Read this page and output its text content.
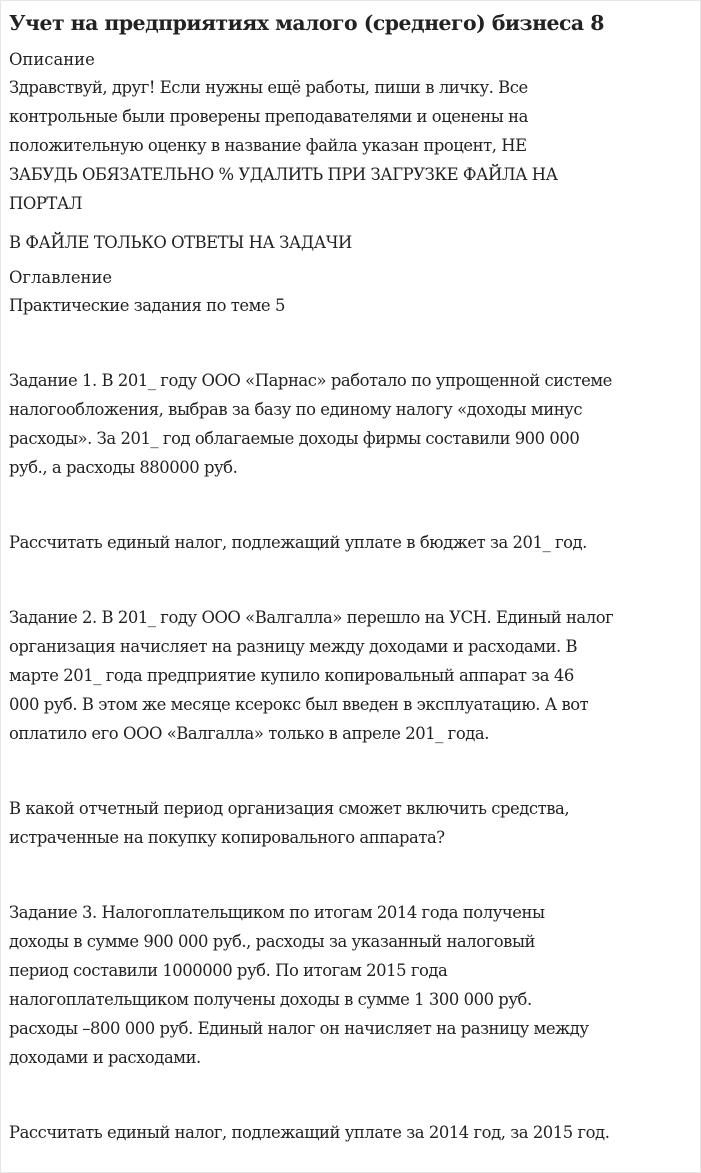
Учет на предприятиях малого (среднего) бизнеса 8
Описание

Здравствуй, друг! Если нужны ещё работы, пиши в личку. Все
контрольные были проверены преподавателями и оценены на
положительную оценку в название файла указан процент, НЕ
ЗАБУДЬ ОБЯЗАТЕЛЬНО % УДАЛИТЬ ПРИ ЗАГРУЗКЕ ФАЙЛА НА
ПОРТАЛ

В ФАЙЛЕ ТОЛЬКО ОТВЕТЫ НА ЗАДАЧИ

Оглавление

Практические задания по теме 5

Задание 1. В 201_ году ООО «Парнас» работало по упрощенной системе
налогообложения, выбрав за базу по единому налогу «доходы минус
расходы». За 201_ год облагаемые доходы фирмы составили 900 000
руб., а расходы 880000 руб.

Рассчитать единый налог, подлежащий уплате в бюджет за 201_ год.

Задание 2. В 201_ году ООО «Валгалла» перешло на УСН. Единый налог
организация начисляет на разницу между доходами и расходами. В
марте 201_ года предприятие купило копировальный аппарат за 46
000 руб. В этом же месяце ксерокс был введен в эксплуатацию. А вот
оплатило его ООО «Валгалла» только в апреле 201_ года.

В какой отчетный период организация сможет включить средства,
истраченные на покупку копировального аппарата?

Задание 3. Налогоплательщиком по итогам 2014 года получены
доходы в сумме 900 000 руб., расходы за указанный налоговый
период составили 1000000 руб. По итогам 2015 года
налогоплательщиком получены доходы в сумме 1 300 000 руб.
расходы –800 000 руб. Единый налог он начисляет на разницу между
доходами и расходами.

Рассчитать единый налог, подлежащий уплате за 2014 год, за 2015 год.
